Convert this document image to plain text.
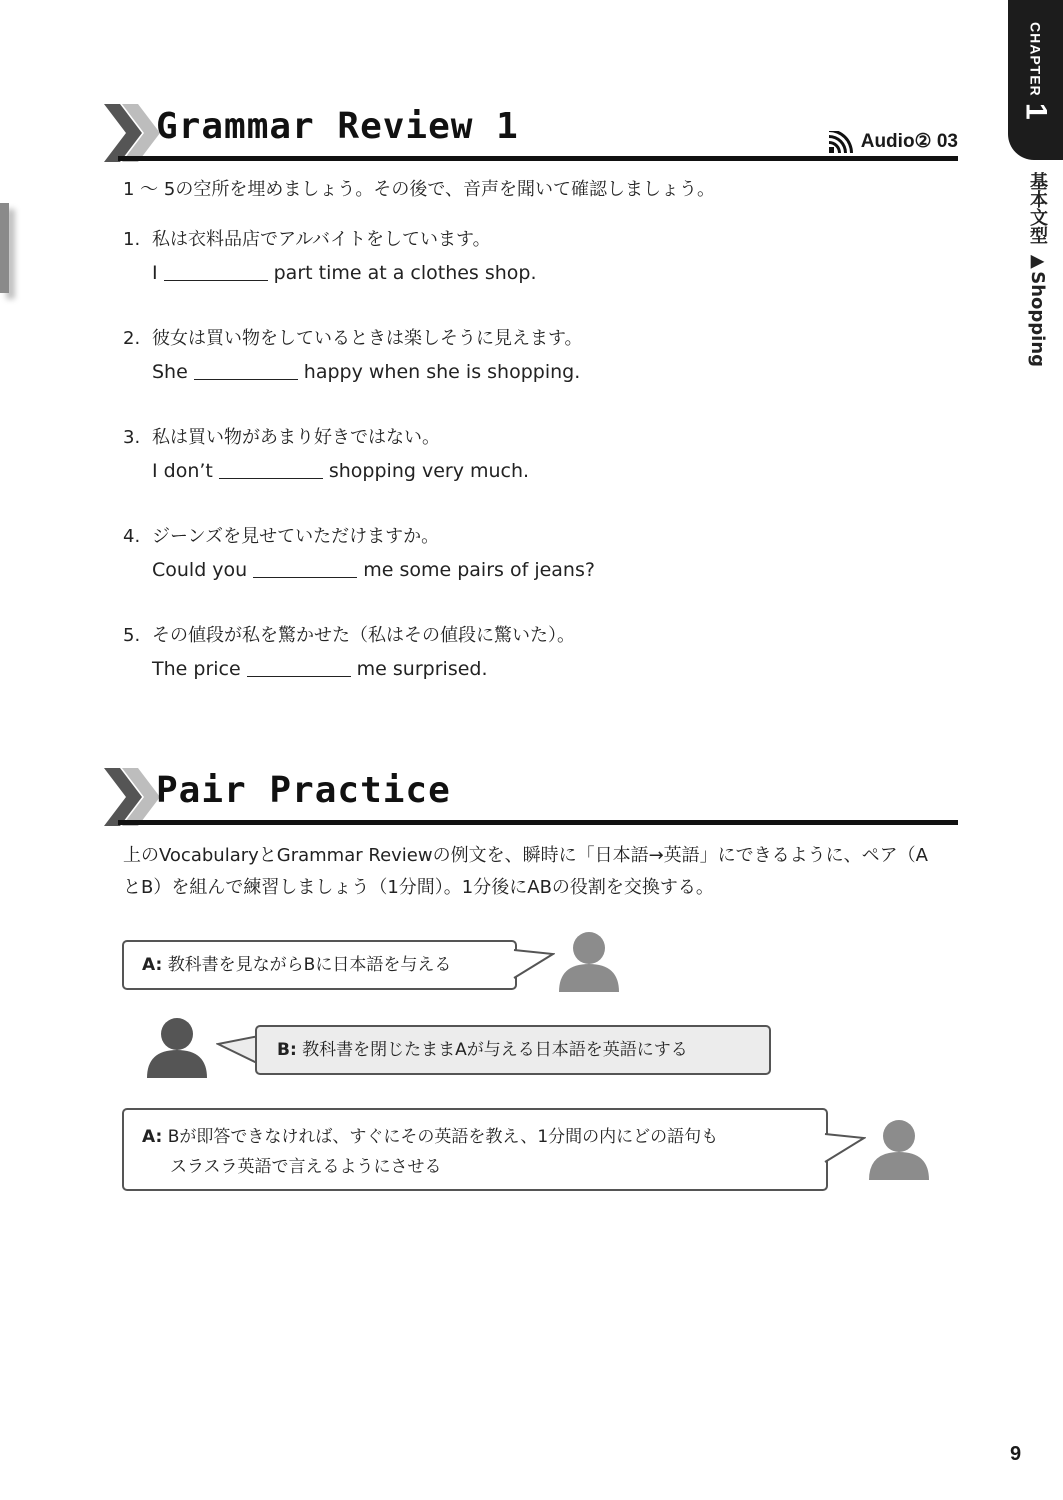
CHAPTER
1
基本文型 ▶Shopping
Grammar Review 1	Audio② 03
1 ～ 5の空所を埋めましょう。その後で、音声を聞いて確認しましょう。
1. 私は衣料品店でアルバイトをしています。
I	part time at a clothes shop.
2. 彼女は買い物をしているときは楽しそうに見えます。
She	happy when she is shopping.
3. 私は買い物があまり好きではない。
I don’t	shopping very much.
4. ジーンズを見せていただけますか。
Could you	me some pairs of jeans?
5. その値段が私を驚かせた（私はその値段に驚いた）。
The price	me surprised.
Pair Practice
上のVocabularyとGrammar Reviewの例文を、瞬時に「日本語→英語」にできるように、ペア（A
とB）を組んで練習しましょう（1分間）。1分後にABの役割を交換する。
A: 教科書を見ながらBに日本語を与える
B: 教科書を閉じたままAが与える日本語を英語にする
A: Bが即答できなければ、すぐにその英語を教え、1分間の内にどの語句も
スラスラ英語で言えるようにさせる
9
